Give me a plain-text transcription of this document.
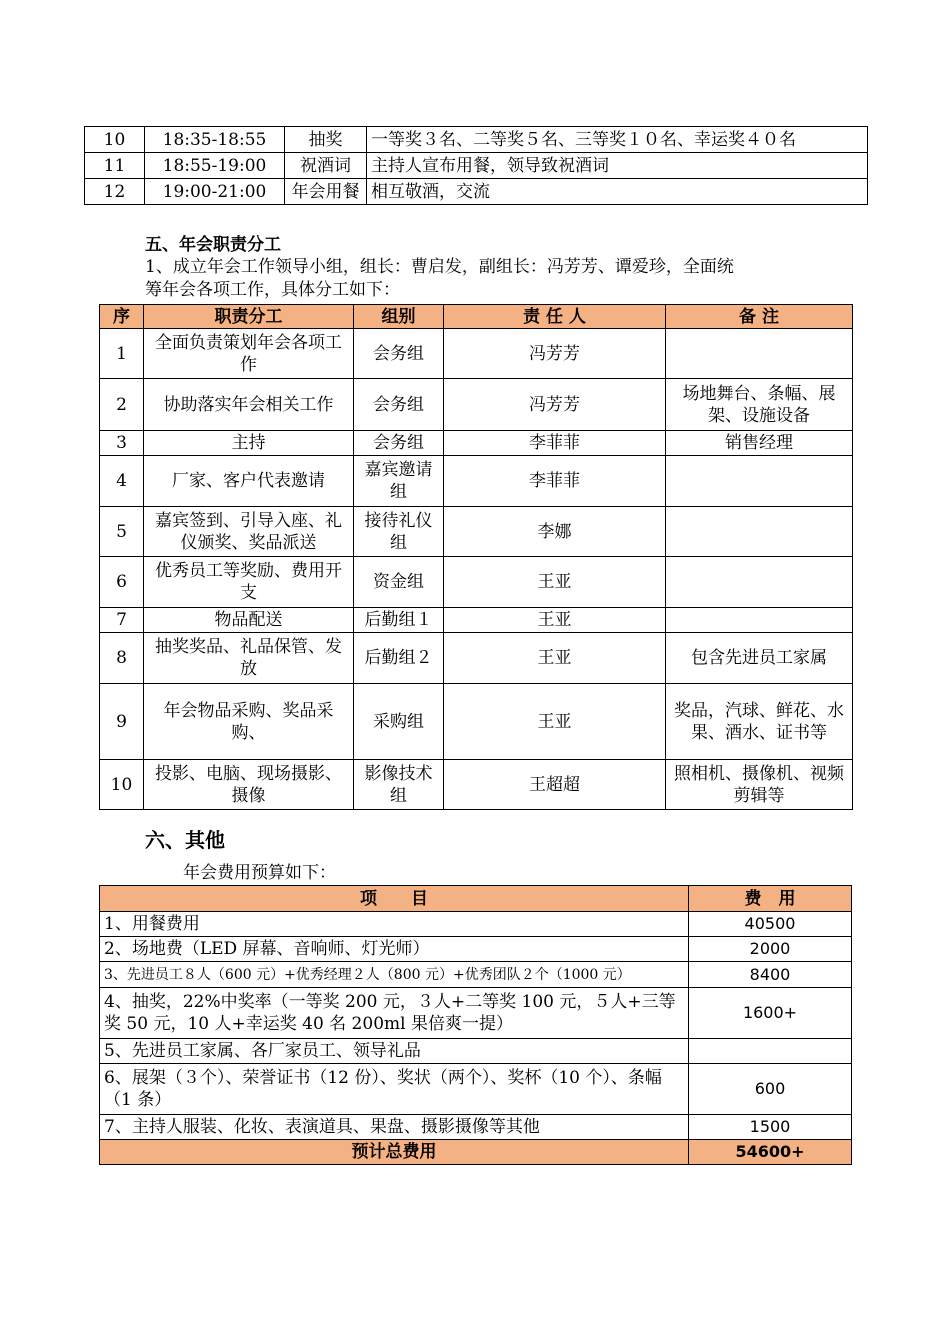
10	18:35-18:55	抽奖	一等奖３名、二等奖５名、三等奖１０名、幸运奖４０名
11	18:55-19:00	祝酒词	主持人宣布用餐，领导致祝酒词
12	19:00-21:00	年会用餐	相互敬酒，交流
五、年会职责分工
1、成立年会工作领导小组，组长：曹启发，副组长：冯芳芳、谭爱珍，全面统
筹年会各项工作，具体分工如下：
序	职责分工	组别	责 任 人	备 注
1	全面负责策划年会各项工作	会务组	冯芳芳	
2	协助落实年会相关工作	会务组	冯芳芳	场地舞台、条幅、展架、设施设备
3	主持	会务组	李菲菲	销售经理
4	厂家、客户代表邀请	嘉宾邀请组	李菲菲	
5	嘉宾签到、引导入座、礼仪颁奖、奖品派送	接待礼仪组	李娜	
6	优秀员工等奖励、费用开支	资金组	王亚	
7	物品配送	后勤组１	王亚	
8	抽奖奖品、礼品保管、发放	后勤组２	王亚	包含先进员工家属
9	年会物品采购、奖品采购、	采购组	王亚	奖品，汽球、鲜花、水果、酒水、证书等
10	投影、电脑、现场摄影、摄像	影像技术组	王超超	照相机、摄像机、视频剪辑等
六、其他
年会费用预算如下：
项　　目	费　用
1、用餐费用	40500
2、场地费（LED 屏幕、音响师、灯光师）	2000
3、先进员工８人（600 元）+优秀经理２人（800 元）+优秀团队２个（1000 元）	8400
4、抽奖，22%中奖率（一等奖 200 元，３人+二等奖 100 元，５人+三等奖 50 元，10 人+幸运奖 40 名 200ml 果倍爽一提）	1600+
5、先进员工家属、各厂家员工、领导礼品	
6、展架（３个）、荣誉证书（12 份）、奖状（两个）、奖杯（10 个）、条幅（1 条）	600
7、主持人服装、化妆、表演道具、果盘、摄影摄像等其他	1500
预计总费用	54600+
